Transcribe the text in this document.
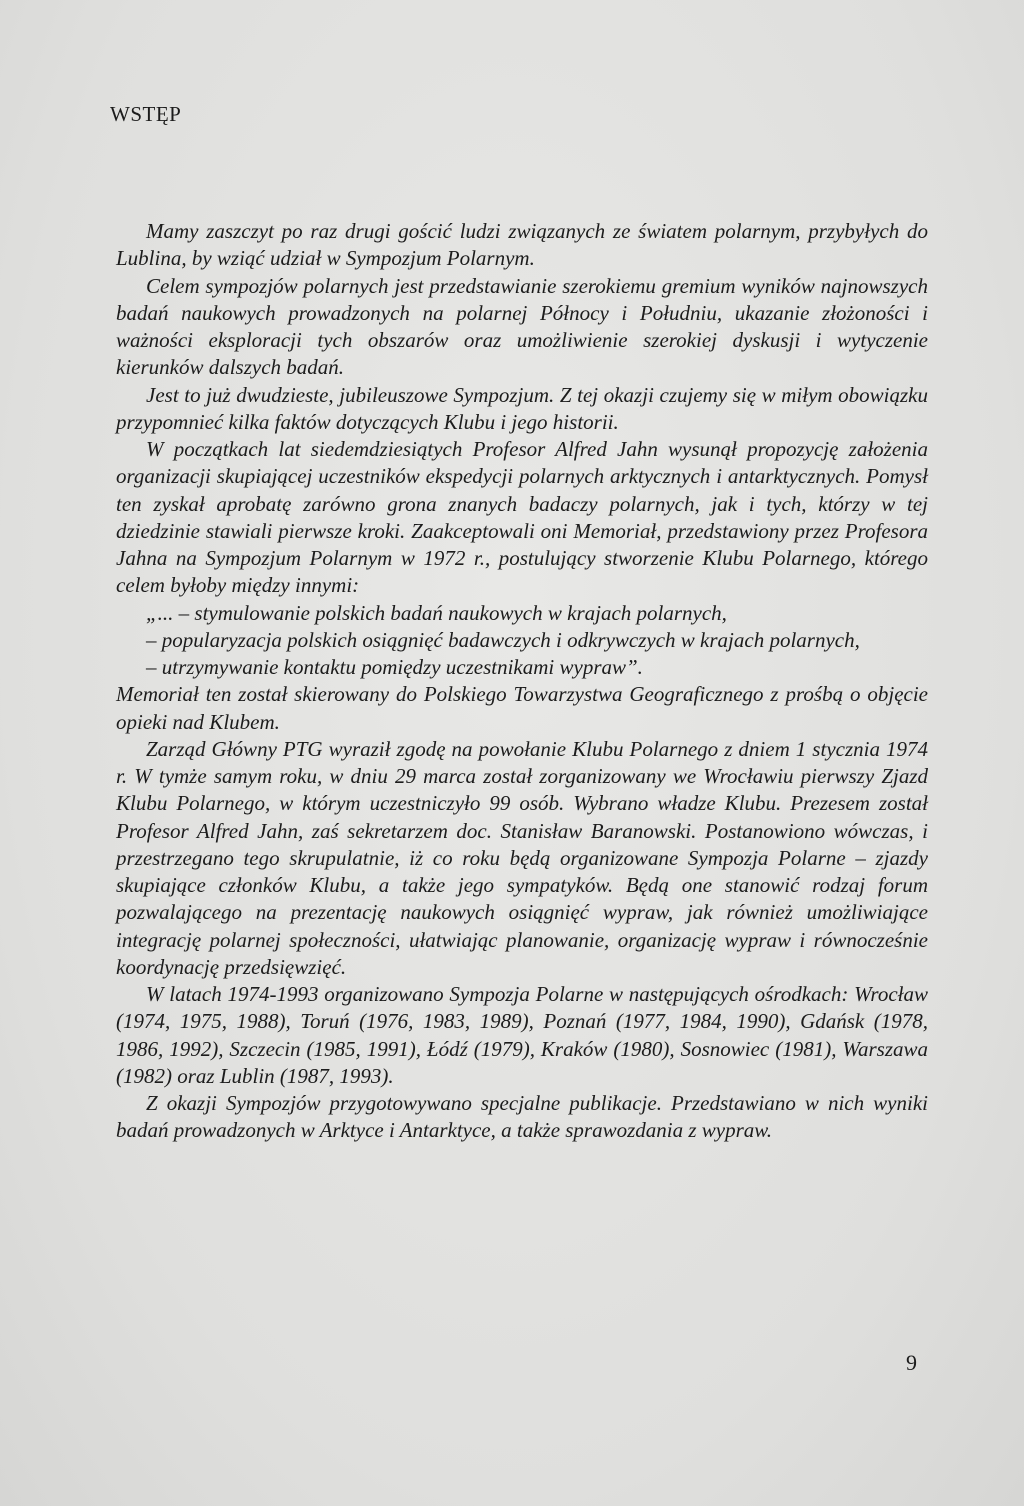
WSTĘP

Mamy zaszczyt po raz drugi gościć ludzi związanych ze światem polarnym, przybyłych do Lublina, by wziąć udział w Sympozjum Polarnym.

Celem sympozjów polarnych jest przedstawianie szerokiemu gremium wyników najnowszych badań naukowych prowadzonych na polarnej Północy i Południu, ukazanie złożoności i ważności eksploracji tych obszarów oraz umożliwienie szerokiej dyskusji i wytyczenie kierunków dalszych badań.

Jest to już dwudzieste, jubileuszowe Sympozjum. Z tej okazji czujemy się w miłym obowiązku przypomnieć kilka faktów dotyczących Klubu i jego historii.

W początkach lat siedemdziesiątych Profesor Alfred Jahn wysunął propozycję założenia organizacji skupiającej uczestników ekspedycji polarnych arktycznych i antarktycznych. Pomysł ten zyskał aprobatę zarówno grona znanych badaczy polarnych, jak i tych, którzy w tej dziedzinie stawiali pierwsze kroki. Zaakceptowali oni Memoriał, przedstawiony przez Profesora Jahna na Sympozjum Polarnym w 1972 r., postulujący stworzenie Klubu Polarnego, którego celem byłoby między innymi:

„... – stymulowanie polskich badań naukowych w krajach polarnych,

– popularyzacja polskich osiągnięć badawczych i odkrywczych w krajach polarnych,

– utrzymywanie kontaktu pomiędzy uczestnikami wypraw”.

Memoriał ten został skierowany do Polskiego Towarzystwa Geograficznego z prośbą o objęcie opieki nad Klubem.

Zarząd Główny PTG wyraził zgodę na powołanie Klubu Polarnego z dniem 1 stycznia 1974 r. W tymże samym roku, w dniu 29 marca został zorganizowany we Wrocławiu pierwszy Zjazd Klubu Polarnego, w którym uczestniczyło 99 osób. Wybrano władze Klubu. Prezesem został Profesor Alfred Jahn, zaś sekretarzem doc. Stanisław Baranowski. Postanowiono wówczas, i przestrzegano tego skrupulatnie, iż co roku będą organizowane Sympozja Polarne – zjazdy skupiające członków Klubu, a także jego sympatyków. Będą one stanowić rodzaj forum pozwalającego na prezentację naukowych osiągnięć wypraw, jak również umożliwiające integrację polarnej społeczności, ułatwiając planowanie, organizację wypraw i równocześnie koordynację przedsięwzięć.

W latach 1974-1993 organizowano Sympozja Polarne w następujących ośrodkach: Wrocław (1974, 1975, 1988), Toruń (1976, 1983, 1989), Poznań (1977, 1984, 1990), Gdańsk (1978, 1986, 1992), Szczecin (1985, 1991), Łódź (1979), Kraków (1980), Sosnowiec (1981), Warszawa (1982) oraz Lublin (1987, 1993).

Z okazji Sympozjów przygotowywano specjalne publikacje. Przedstawiano w nich wyniki badań prowadzonych w Arktyce i Antarktyce, a także sprawozdania z wypraw.

9
